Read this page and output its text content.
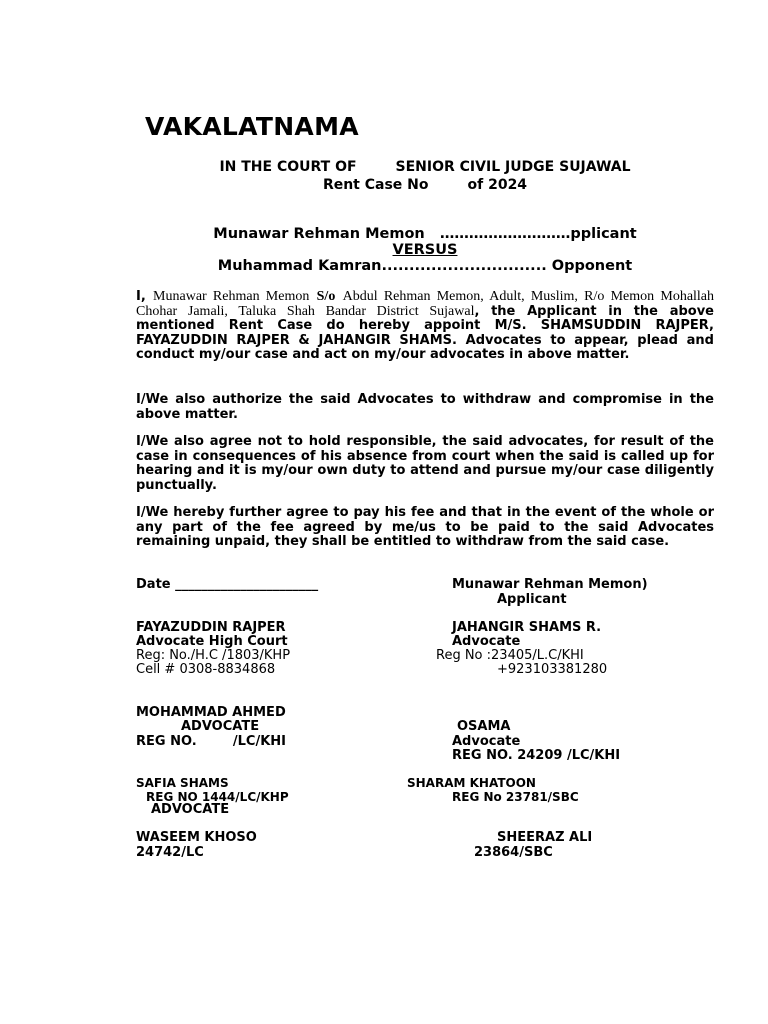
VAKALATNAMA
IN THE COURT OF        SENIOR CIVIL JUDGE SUJAWAL
Rent Case No        of 2024
Munawar Rehman Memon   ………………………pplicant
VERSUS
Muhammad Kamran.............................. Opponent
I, Munawar Rehman Memon S/o Abdul Rehman Memon, Adult, Muslim, R/o Memon Mohallah Chohar Jamali, Taluka Shah Bandar District Sujawal, the Applicant in the above mentioned Rent Case do hereby appoint M/S. SHAMSUDDIN RAJPER, FAYAZUDDIN RAJPER & JAHANGIR SHAMS. Advocates to appear, plead and conduct my/our case and act on my/our advocates in above matter.
I/We also authorize the said Advocates to withdraw and compromise in the above matter.
I/We also agree not to hold responsible, the said advocates, for result of the case in consequences of his absence from court when the said is called up for hearing and it is my/our own duty to attend and pursue my/our case diligently punctually.
I/We hereby further agree to pay his fee and that in the event of the whole or any part of the fee agreed by me/us to be paid to the said Advocates remaining unpaid, they shall be entitled to withdraw from the said case.
Date ______________________	Munawar Rehman Memon)
Applicant
FAYAZUDDIN RAJPER
Advocate High Court
Reg: No./H.C /1803/KHP
Cell # 0308-8834868
JAHANGIR SHAMS R.
Advocate
Reg No :23405/L.C/KHI
+923103381280
MOHAMMAD AHMED
ADVOCATE
REG NO.        /LC/KHI
OSAMA
Advocate
REG NO. 24209 /LC/KHI
SAFIA SHAMS
REG NO 1444/LC/KHP
ADVOCATE
SHARAM KHATOON
REG No 23781/SBC
WASEEM KHOSO
24742/LC
SHEERAZ ALI
23864/SBC
